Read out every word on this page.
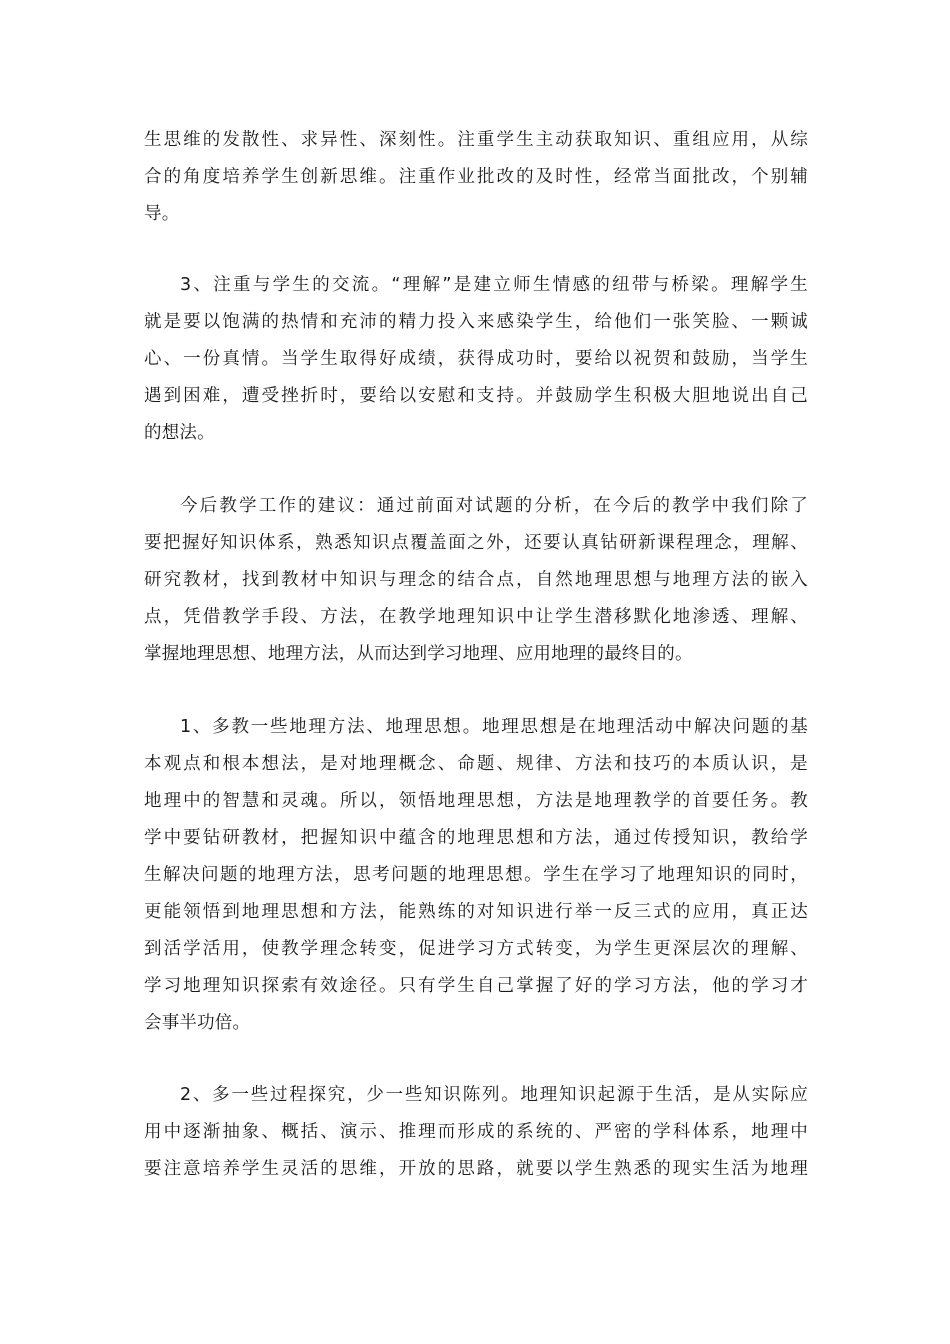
生思维的发散性、求异性、深刻性。注重学生主动获取知识、重组应用，从综
合的角度培养学生创新思维。注重作业批改的及时性，经常当面批改，个别辅
导。
3、注重与学生的交流。“理解”是建立师生情感的纽带与桥梁。理解学生
就是要以饱满的热情和充沛的精力投入来感染学生，给他们一张笑脸、一颗诚
心、一份真情。当学生取得好成绩，获得成功时，要给以祝贺和鼓励，当学生
遇到困难，遭受挫折时，要给以安慰和支持。并鼓励学生积极大胆地说出自己
的想法。
今后教学工作的建议：通过前面对试题的分析，在今后的教学中我们除了
要把握好知识体系，熟悉知识点覆盖面之外，还要认真钻研新课程理念，理解、
研究教材，找到教材中知识与理念的结合点，自然地理思想与地理方法的嵌入
点，凭借教学手段、方法，在教学地理知识中让学生潜移默化地渗透、理解、
掌握地理思想、地理方法，从而达到学习地理、应用地理的最终目的。
1、多教一些地理方法、地理思想。地理思想是在地理活动中解决问题的基
本观点和根本想法，是对地理概念、命题、规律、方法和技巧的本质认识，是
地理中的智慧和灵魂。所以，领悟地理思想，方法是地理教学的首要任务。教
学中要钻研教材，把握知识中蕴含的地理思想和方法，通过传授知识，教给学
生解决问题的地理方法，思考问题的地理思想。学生在学习了地理知识的同时，
更能领悟到地理思想和方法，能熟练的对知识进行举一反三式的应用，真正达
到活学活用，使教学理念转变，促进学习方式转变，为学生更深层次的理解、
学习地理知识探索有效途径。只有学生自己掌握了好的学习方法，他的学习才
会事半功倍。
2、多一些过程探究，少一些知识陈列。地理知识起源于生活，是从实际应
用中逐渐抽象、概括、演示、推理而形成的系统的、严密的学科体系，地理中
要注意培养学生灵活的思维，开放的思路，就要以学生熟悉的现实生活为地理
